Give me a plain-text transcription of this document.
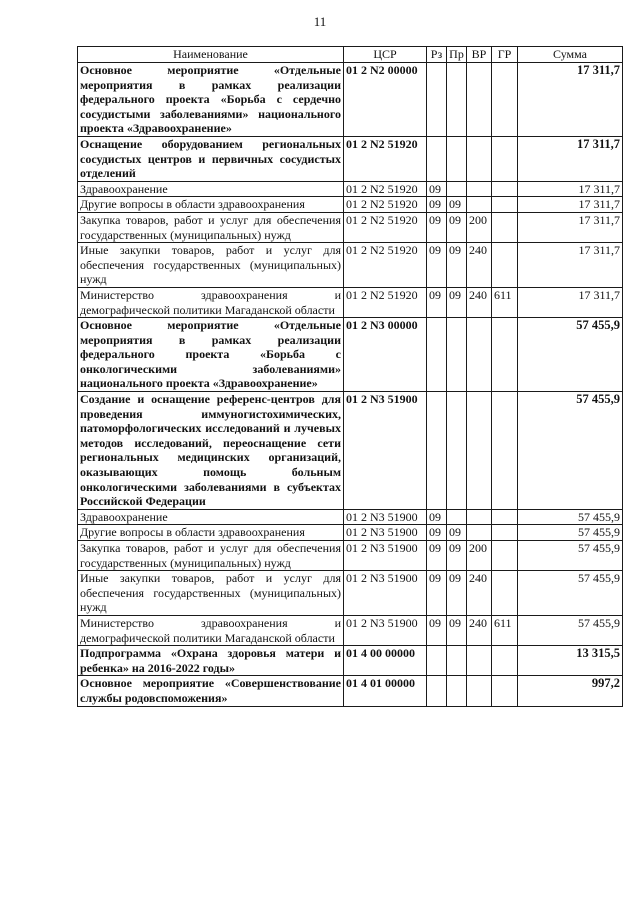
11
Наименование	ЦСР	Рз	Пр	ВР	ГР	Сумма
Основное мероприятие «Отдельные мероприятия в рамках реализации федерального проекта «Борьба с сердечно сосудистыми заболеваниями» национального проекта «Здравоохранение»	01 2 N2 00000					17 311,7
Оснащение оборудованием региональных сосудистых центров и первичных сосудистых отделений	01 2 N2 51920					17 311,7
Здравоохранение	01 2 N2 51920	09				17 311,7
Другие вопросы в области здравоохранения	01 2 N2 51920	09	09			17 311,7
Закупка товаров, работ и услуг для обеспечения государственных (муниципальных) нужд	01 2 N2 51920	09	09	200		17 311,7
Иные закупки товаров, работ и услуг для обеспечения государственных (муниципальных) нужд	01 2 N2 51920	09	09	240		17 311,7
Министерство здравоохранения и демографической политики Магаданской области	01 2 N2 51920	09	09	240	611	17 311,7
Основное мероприятие «Отдельные мероприятия в рамках реализации федерального проекта «Борьба с онкологическими заболеваниями» национального проекта «Здравоохранение»	01 2 N3 00000					57 455,9
Создание и оснащение референс-центров для проведения иммуногистохимических, патоморфологических исследований и лучевых методов исследований, переоснащение сети региональных медицинских организаций, оказывающих помощь больным онкологическими заболеваниями в субъектах Российской Федерации	01 2 N3 51900					57 455,9
Здравоохранение	01 2 N3 51900	09				57 455,9
Другие вопросы в области здравоохранения	01 2 N3 51900	09	09			57 455,9
Закупка товаров, работ и услуг для обеспечения государственных (муниципальных) нужд	01 2 N3 51900	09	09	200		57 455,9
Иные закупки товаров, работ и услуг для обеспечения государственных (муниципальных) нужд	01 2 N3 51900	09	09	240		57 455,9
Министерство здравоохранения и демографической политики Магаданской области	01 2 N3 51900	09	09	240	611	57 455,9
Подпрограмма «Охрана здоровья матери и ребенка» на 2016-2022 годы»	01 4 00 00000					13 315,5
Основное мероприятие «Совершенствование службы родовспоможения»	01 4 01 00000					997,2
